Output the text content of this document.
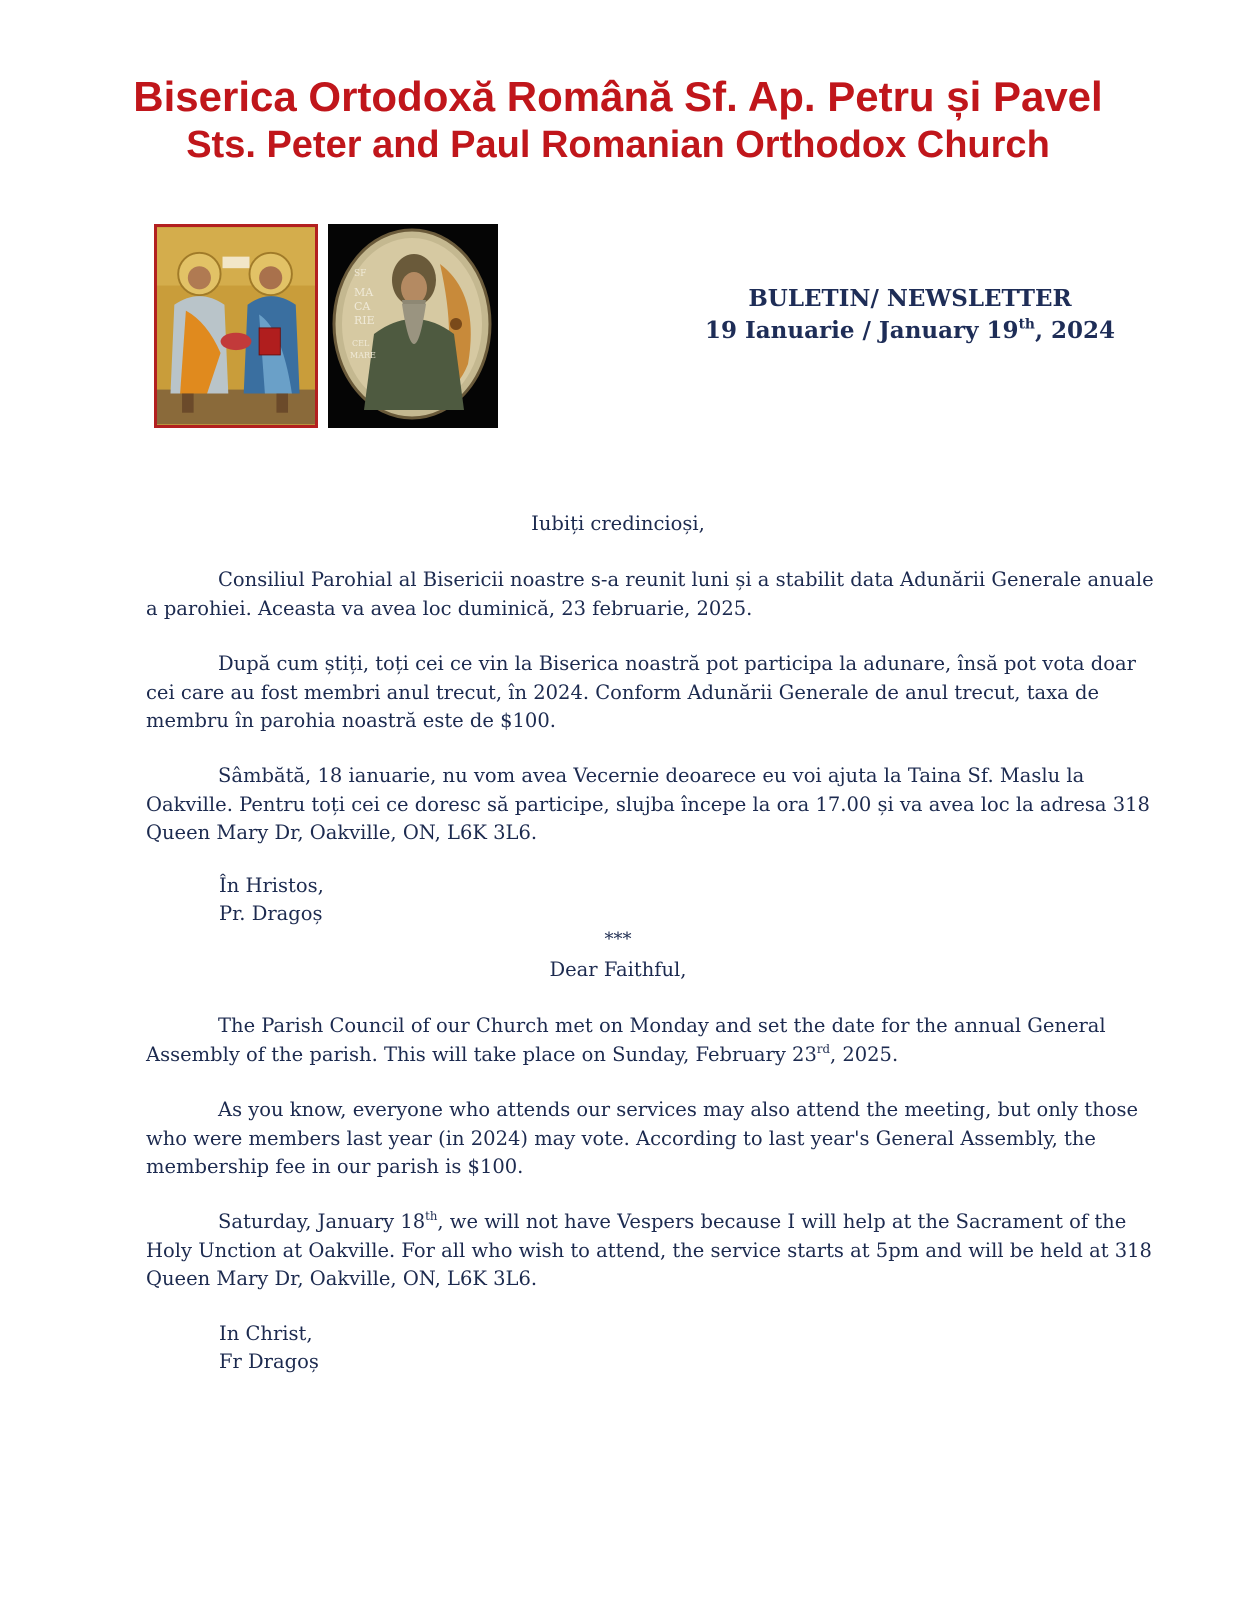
Biserica Ortodoxă Română Sf. Ap. Petru și Pavel
Sts. Peter and Paul Romanian Orthodox Church
SF
MA
CA
RIE
CEL
MARE

BULETIN/ NEWSLETTER

19 Ianuarie / January 19th, 2024

Iubiți credincioși,

Consiliul Parohial al Bisericii noastre s-a reunit luni și a stabilit data Adunării Generale anuale a parohiei. Aceasta va avea loc duminică, 23 februarie, 2025.

După cum știți, toți cei ce vin la Biserica noastră pot participa la adunare, însă pot vota doar cei care au fost membri anul trecut, în 2024. Conform Adunării Generale de anul trecut, taxa de membru în parohia noastră este de $100.

Sâmbătă, 18 ianuarie, nu vom avea Vecernie deoarece eu voi ajuta la Taina Sf. Maslu la Oakville. Pentru toți cei ce doresc să participe, slujba începe la ora 17.00 și va avea loc la adresa 318 Queen Mary Dr, Oakville, ON, L6K 3L6.

În Hristos,

Pr. Dragoș

***

Dear Faithful,

The Parish Council of our Church met on Monday and set the date for the annual General Assembly of the parish. This will take place on Sunday, February 23rd, 2025.

As you know, everyone who attends our services may also attend the meeting, but only those who were members last year (in 2024) may vote. According to last year's General Assembly, the membership fee in our parish is $100.

Saturday, January 18th, we will not have Vespers because I will help at the Sacrament of the Holy Unction at Oakville. For all who wish to attend, the service starts at 5pm and will be held at 318 Queen Mary Dr, Oakville, ON, L6K 3L6.

In Christ,

Fr Dragoș
